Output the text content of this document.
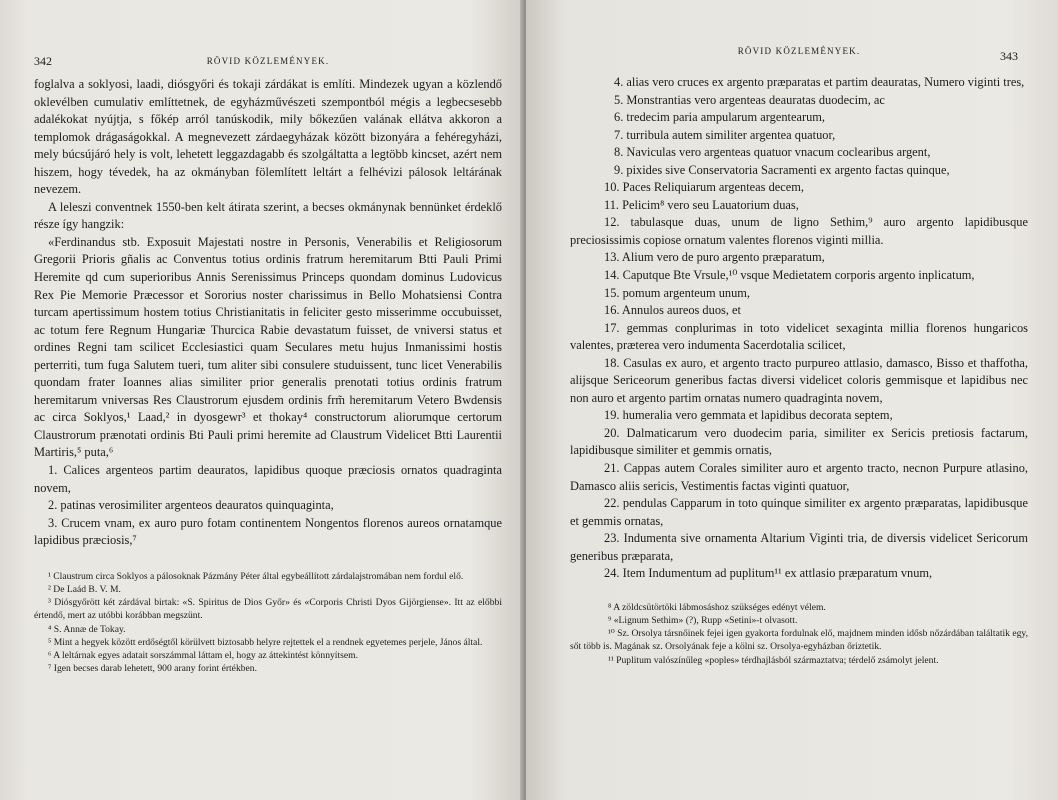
342	RÖVID KÖZLEMÉNYEK.

foglalva a soklyosi, laadi, diósgyőri és tokaji zárdákat is említi. Mindezek ugyan a közlendő oklevélben cumulativ említtetnek, de egyházművészeti szempontból mégis a legbecsesebb adalékokat nyújtja, s főkép arról tanúskodik, mily bőkezűen valának ellátva akkoron a templomok drágaságokkal. A megnevezett zárdaegyházak között bizonyára a fehéregyházi, mely búcsújáró hely is volt, lehetett leggazdagabb és szolgáltatta a legtöbb kincset, azért nem hiszem, hogy tévedek, ha az okmányban fölemlített leltárt a felhévizi pálosok leltárának nevezem.

A leleszi conventnek 1550-ben kelt átirata szerint, a becses okmánynak bennünket érdeklő része így hangzik:

«Ferdinandus stb. Exposuit Majestati nostre in Personis, Venerabilis et Religiosorum Gregorii Prioris gñalis ac Conventus totius ordinis fratrum heremitarum Btti Pauli Primi Heremite qd cum superioribus Annis Serenissimus Princeps quondam dominus Ludovicus Rex Pie Memorie Præcessor et Sororius noster charissimus in Bello Mohatsiensi Contra turcam apertissimum hostem totius Christianitatis in feliciter gesto misserimme occubuisset, ac totum fere Regnum Hungariæ Thurcica Rabie devastatum fuisset, de vniversi status et ordines Regni tam scilicet Ecclesiastici quam Seculares metu hujus Inmanissimi hostis perterriti, tum fuga Salutem tueri, tum aliter sibi consulere studuissent, tunc licet Venerabilis quondam frater Ioannes alias similiter prior generalis prenotati totius ordinis fratrum heremitarum vniversas Res Claustrorum ejusdem ordinis frm̃ heremitarum Vetero Bwdensis ac circa Soklyos,¹ Laad,² in dyosgewr³ et thokay⁴ constructorum aliorumque certorum Claustrorum prænotati ordinis Bti Pauli primi heremite ad Claustrum Videlicet Btti Laurentii Martiris,⁵ puta,⁶

1. Calices argenteos partim deauratos, lapidibus quoque præciosis ornatos quadraginta novem,

2. patinas verosimiliter argenteos deauratos quinquaginta,

3. Crucem vnam, ex auro puro fotam continentem Nongentos florenos aureos ornatamque lapidibus præciosis,⁷

¹ Claustrum circa Soklyos a pálosoknak Pázmány Péter által egybeállított zárdalajstromában nem fordul elő.

² De Laád B. V. M.

³ Diósgyőrött két zárdával birtak: «S. Spiritus de Dios Győr» és «Corporis Christi Dyos Gijörgiense». Itt az előbbi értendő, mert az utóbbi korábban megszünt.

⁴ S. Annæ de Tokay.

⁵ Mint a hegyek között erdőségtől körülvett biztosabb helyre rejtettek el a rendnek egyetemes perjele, János által.

⁶ A leltárnak egyes adatait sorszámmal láttam el, hogy az áttekintést könnyítsem.

⁷ Igen becses darab lehetett, 900 arany forint értékben.

RÖVID KÖZLEMÉNYEK.	343

4. alias vero cruces ex argento præparatas et partim deauratas, Numero viginti tres,

5. Monstrantias vero argenteas deauratas duodecim, ac

6. tredecim paria ampularum argentearum,

7. turribula autem similiter argentea quatuor,

8. Naviculas vero argenteas quatuor vnacum coclearibus argent,

9. pixides sive Conservatoria Sacramenti ex argento factas quinque,

10. Paces Reliquiarum argenteas decem,

11. Pelicim⁸ vero seu Lauatorium duas,

12. tabulasque duas, unum de ligno Sethim,⁹ auro argento lapidibusque preciosissimis copiose ornatum valentes florenos viginti millia.

13. Alium vero de puro argento præparatum,

14. Caputque Bte Vrsule,¹⁰ vsque Medietatem corporis argento inplicatum,

15. pomum argenteum unum,

16. Annulos aureos duos, et

17. gemmas conplurimas in toto videlicet sexaginta millia florenos hungaricos valentes, præterea vero indumenta Sacerdotalia scilicet,

18. Casulas ex auro, et argento tracto purpureo attlasio, damasco, Bisso et thaffotha, alijsque Sericeorum generibus factas diversi videlicet coloris gemmisque et lapidibus nec non auro et argento partim ornatas numero quadraginta novem,

19. humeralia vero gemmata et lapidibus decorata septem,

20. Dalmaticarum vero duodecim paria, similiter ex Sericis pretiosis factarum, lapidibusque similiter et gemmis ornatis,

21. Cappas autem Corales similiter auro et argento tracto, necnon Purpure atlasino, Damasco aliis sericis, Vestimentis factas viginti quatuor,

22. pendulas Capparum in toto quinque similiter ex argento præparatas, lapidibusque et gemmis ornatas,

23. Indumenta sive ornamenta Altarium Viginti tria, de diversis videlicet Sericorum generibus præparata,

24. Item Indumentum ad puplitum¹¹ ex attlasio præparatum vnum,

⁸ A zöldcsütörtöki lábmosáshoz szükséges edényt vélem.

⁹ «Lignum Sethim» (?), Rupp «Setini»-t olvasott.

¹⁰ Sz. Orsolya társnőinek fejei igen gyakorta fordulnak elő, majdnem minden idősb nőzárdában találtatik egy, sőt több is. Magának sz. Orsolyának feje a kölni sz. Orsolya-egyházban őriztetik.

¹¹ Puplitum valószínűleg «poples» térdhajlásból származtatva; térdelő zsámolyt jelent.
